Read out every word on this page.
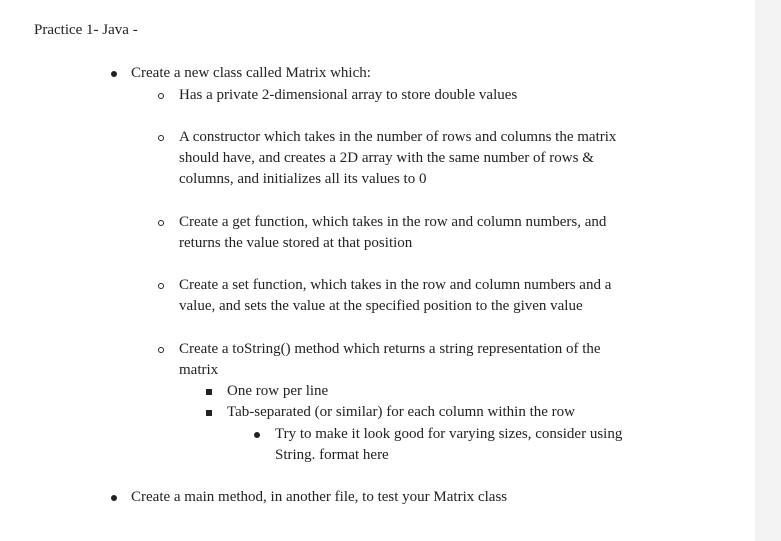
Practice 1- Java -
Create a new class called Matrix which:
Has a private 2-dimensional array to store double values
A constructor which takes in the number of rows and columns the matrix
should have, and creates a 2D array with the same number of rows &
columns, and initializes all its values to 0
Create a get function, which takes in the row and column numbers, and
returns the value stored at that position
Create a set function, which takes in the row and column numbers and a
value, and sets the value at the specified position to the given value
Create a toString() method which returns a string representation of the
matrix
One row per line
Tab-separated (or similar) for each column within the row
Try to make it look good for varying sizes, consider using
String. format here
Create a main method, in another file, to test your Matrix class
